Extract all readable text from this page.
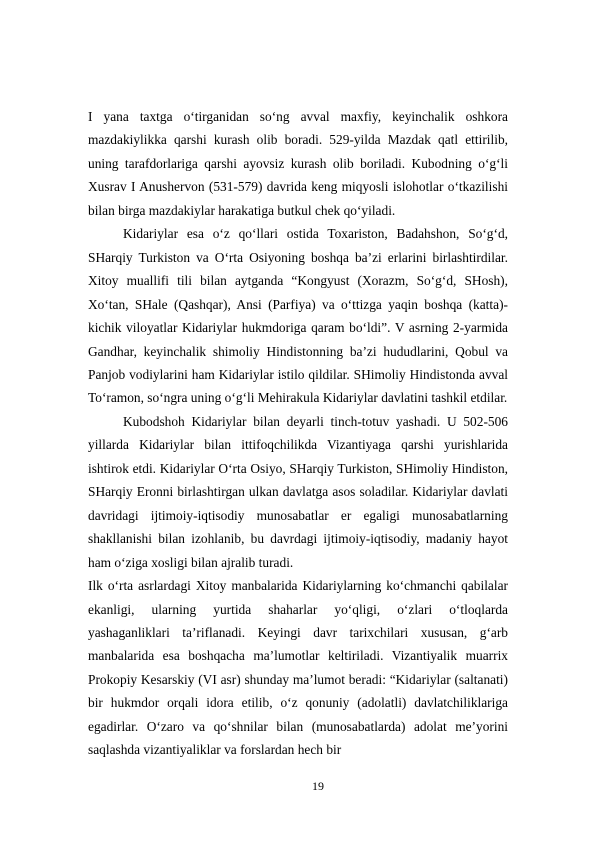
I yana taxtga o‘tirganidan so‘ng avval maxfiy, keyinchalik oshkora mazdakiylikka qarshi kurash olib boradi. 529-yilda Mazdak qatl ettirilib, uning tarafdorlariga qarshi ayovsiz kurash olib boriladi. Kubodning o‘g‘li Xusrav I Anushervon (531-579) davrida keng miqyosli islohotlar o‘tkazilishi bilan birga mazdakiylar harakatiga butkul chek qo‘yiladi.

Kidariylar esa o‘z qo‘llari ostida Toxariston, Badahshon, So‘g‘d, SHarqiy Turkiston va O‘rta Osiyoning boshqa ba’zi erlarini birlashtirdilar. Xitoy muallifi tili bilan aytganda “Kongyust (Xorazm, So‘g‘d, SHosh), Xo‘tan, SHale (Qashqar), Ansi (Parfiya) va o‘ttizga yaqin boshqa (katta)-kichik viloyatlar Kidariylar hukmdoriga qaram bo‘ldi”. V asrning 2-yarmida Gandhar, keyinchalik shimoliy Hindistonning ba’zi hududlarini, Qobul va Panjob vodiylarini ham Kidariylar istilo qildilar. SHimoliy Hindistonda avval To‘ramon, so‘ngra uning o‘g‘li Mehirakula Kidariylar davlatini tashkil etdilar.

Kubodshoh Kidariylar bilan deyarli tinch-totuv yashadi. U 502-506 yillarda Kidariylar bilan ittifoqchilikda Vizantiyaga qarshi yurishlarida ishtirok etdi. Kidariylar O‘rta Osiyo, SHarqiy Turkiston, SHimoliy Hindiston, SHarqiy Eronni birlashtirgan ulkan davlatga asos soladilar. Kidariylar davlati davridagi ijtimoiy-iqtisodiy munosabatlar er egaligi munosabatlarning shakllanishi bilan izohlanib, bu davrdagi ijtimoiy-iqtisodiy, madaniy hayot ham o‘ziga xosligi bilan ajralib turadi.

Ilk o‘rta asrlardagi Xitoy manbalarida Kidariylarning ko‘chmanchi qabilalar ekanligi, ularning yurtida shaharlar yo‘qligi, o‘zlari o‘tloqlarda yashaganliklari ta’riflanadi. Keyingi davr tarixchilari xususan, g‘arb manbalarida esa boshqacha ma’lumotlar keltiriladi. Vizantiyalik muarrix Prokopiy Kesarskiy (VI asr) shunday ma’lumot beradi: “Kidariylar (saltanati) bir hukmdor orqali idora etilib, o‘z qonuniy (adolatli) davlatchiliklariga egadirlar. O‘zaro va qo‘shnilar bilan (munosabatlarda) adolat me’yorini saqlashda vizantiyaliklar va forslardan hech bir

19
